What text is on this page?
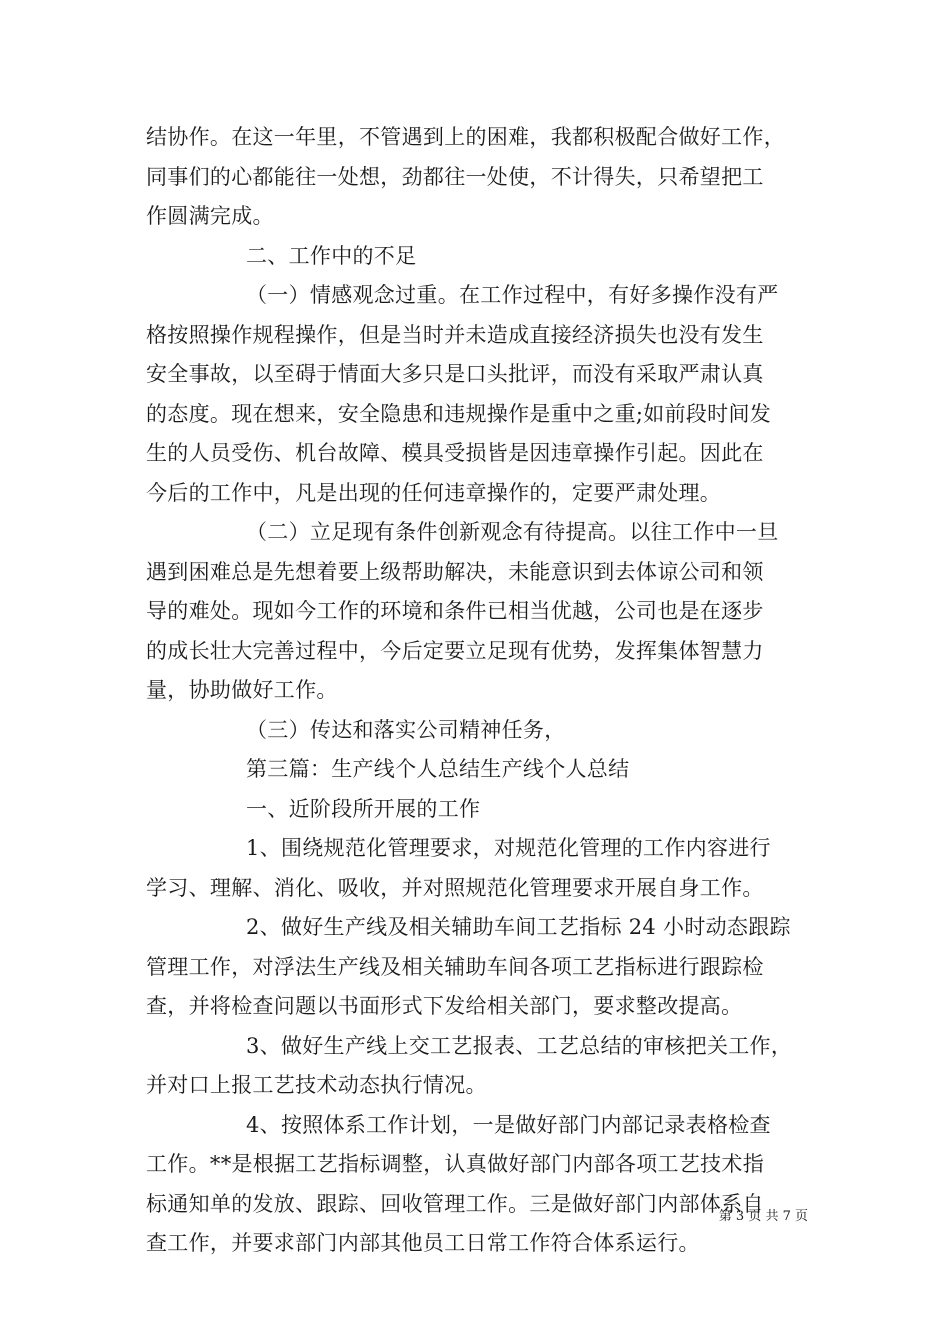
结协作。在这一年里，不管遇到上的困难，我都积极配合做好工作，
同事们的心都能往一处想，劲都往一处使，不计得失，只希望把工
作圆满完成。
二、工作中的不足
（一）情感观念过重。在工作过程中，有好多操作没有严
格按照操作规程操作，但是当时并未造成直接经济损失也没有发生
安全事故，以至碍于情面大多只是口头批评，而没有采取严肃认真
的态度。现在想来，安全隐患和违规操作是重中之重;如前段时间发
生的人员受伤、机台故障、模具受损皆是因违章操作引起。因此在
今后的工作中，凡是出现的任何违章操作的，定要严肃处理。
（二）立足现有条件创新观念有待提高。以往工作中一旦
遇到困难总是先想着要上级帮助解决，未能意识到去体谅公司和领
导的难处。现如今工作的环境和条件已相当优越，公司也是在逐步
的成长壮大完善过程中，今后定要立足现有优势，发挥集体智慧力
量，协助做好工作。
（三）传达和落实公司精神任务，
第三篇：生产线个人总结生产线个人总结
一、近阶段所开展的工作
1、围绕规范化管理要求，对规范化管理的工作内容进行
学习、理解、消化、吸收，并对照规范化管理要求开展自身工作。
2、做好生产线及相关辅助车间工艺指标 24 小时动态跟踪
管理工作，对浮法生产线及相关辅助车间各项工艺指标进行跟踪检
查，并将检查问题以书面形式下发给相关部门，要求整改提高。
3、做好生产线上交工艺报表、工艺总结的审核把关工作，
并对口上报工艺技术动态执行情况。
4、按照体系工作计划，一是做好部门内部记录表格检查
工作。**是根据工艺指标调整，认真做好部门内部各项工艺技术指
标通知单的发放、跟踪、回收管理工作。三是做好部门内部体系自
查工作，并要求部门内部其他员工日常工作符合体系运行。
第 3 页 共 7 页
